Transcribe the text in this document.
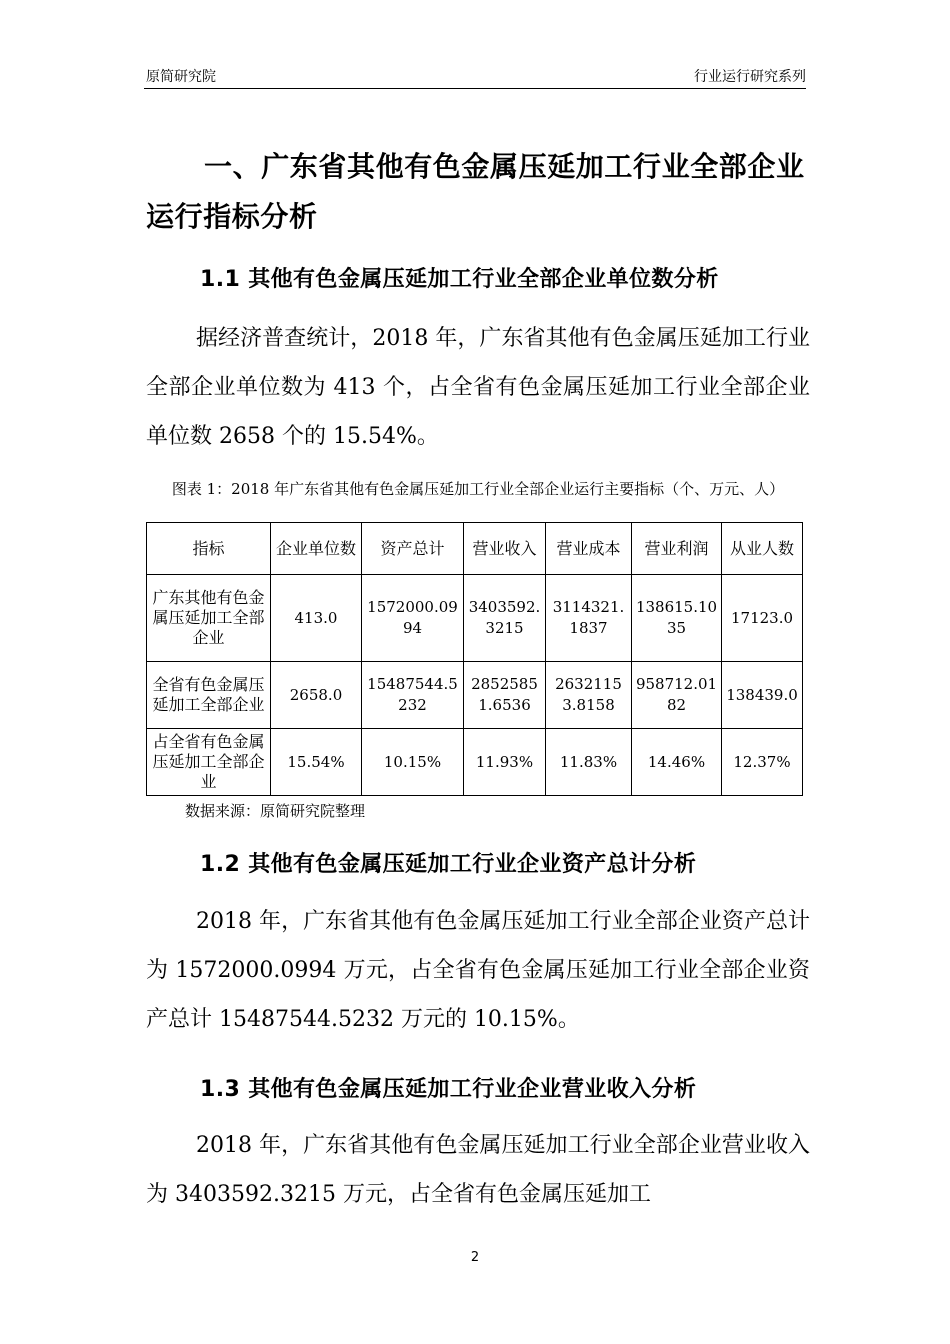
原简研究院	行业运行研究系列
一、广东省其他有色金属压延加工行业全部企业运行指标分析
1.1 其他有色金属压延加工行业全部企业单位数分析
据经济普查统计，2018 年，广东省其他有色金属压延加工行业全部企业单位数为 413 个，占全省有色金属压延加工行业全部企业单位数 2658 个的 15.54%。
图表 1：2018 年广东省其他有色金属压延加工行业全部企业运行主要指标（个、万元、人）
指标	企业单位数	资产总计	营业收入	营业成本	营业利润	从业人数
广东其他有色金属压延加工全部企业	413.0	1572000.0994	3403592.3215	3114321.1837	138615.1035	17123.0
全省有色金属压延加工全部企业	2658.0	15487544.5232	28525851.6536	26321153.8158	958712.0182	138439.0
占全省有色金属压延加工全部企业	15.54%	10.15%	11.93%	11.83%	14.46%	12.37%
数据来源：原简研究院整理
1.2 其他有色金属压延加工行业企业资产总计分析
2018 年，广东省其他有色金属压延加工行业全部企业资产总计为 1572000.0994 万元，占全省有色金属压延加工行业全部企业资产总计 15487544.5232 万元的 10.15%。
1.3 其他有色金属压延加工行业企业营业收入分析
2018 年，广东省其他有色金属压延加工行业全部企业营业收入为 3403592.3215 万元，占全省有色金属压延加工
2
